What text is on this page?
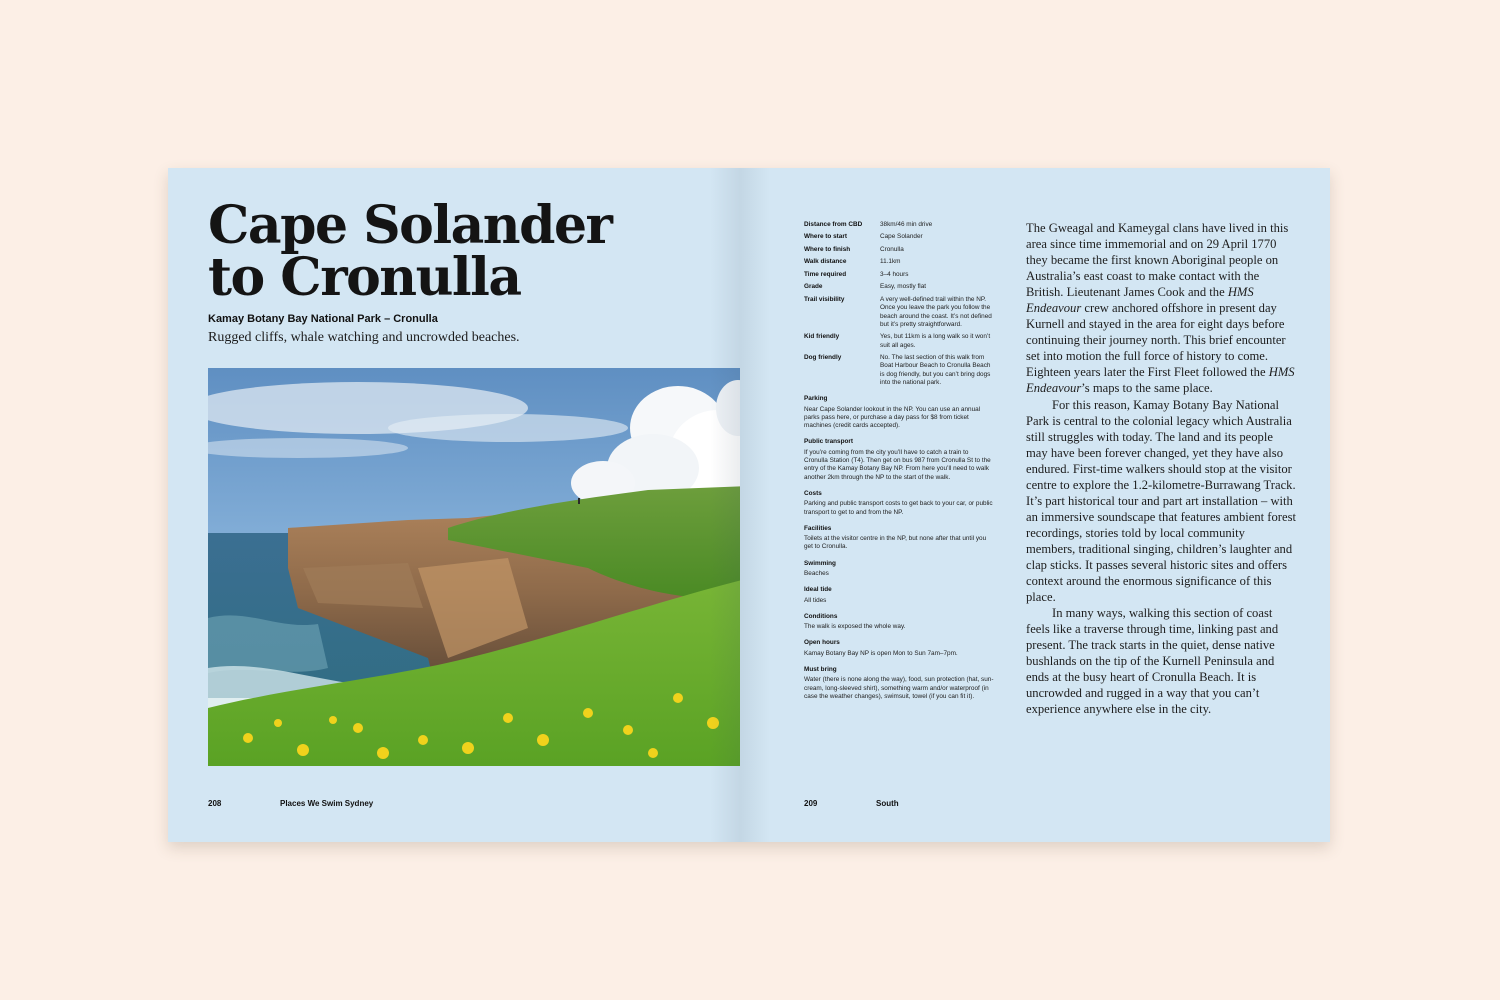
Cape Solander
to Cronulla

Kamay Botany Bay National Park – Cronulla

Rugged cliffs, whale watching and uncrowded beaches.

208	Places We Swim Sydney
Distance from CBD	38km/46 min drive
Where to start	Cape Solander
Where to finish	Cronulla
Walk distance	11.1km
Time required	3–4 hours
Grade	Easy, mostly flat
Trail visibility	A very well-defined trail within the NP. Once you leave the park you follow the beach around the coast. It’s not defined but it’s pretty straightforward.
Kid friendly	Yes, but 11km is a long walk so it won’t suit all ages.
Dog friendly	No. The last section of this walk from Boat Harbour Beach to Cronulla Beach is dog friendly, but you can’t bring dogs into the national park.
Parking

Near Cape Solander lookout in the NP. You can use an annual parks pass here, or purchase a day pass for $8 from ticket machines (credit cards accepted).

Public transport

If you’re coming from the city you’ll have to catch a train to Cronulla Station (T4). Then get on bus 987 from Cronulla St to the entry of the Kamay Botany Bay NP. From here you’ll need to walk another 2km through the NP to the start of the walk.

Costs

Parking and public transport costs to get back to your car, or public transport to get to and from the NP.

Facilities

Toilets at the visitor centre in the NP, but none after that until you get to Cronulla.

Swimming

Beaches

Ideal tide

All tides

Conditions

The walk is exposed the whole way.

Open hours

Kamay Botany Bay NP is open Mon to Sun 7am–7pm.

Must bring

Water (there is none along the way), food, sun protection (hat, sun-cream, long-sleeved shirt), something warm and/or waterproof (in case the weather changes), swimsuit, towel (if you can fit it).

The Gweagal and Kameygal clans have lived in this area since time immemorial and on 29 April 1770 they became the first known Aboriginal people on Australia’s east coast to make contact with the British. Lieutenant James Cook and the HMS Endeavour crew anchored offshore in present day Kurnell and stayed in the area for eight days before continuing their journey north. This brief encounter set into motion the full force of history to come. Eighteen years later the First Fleet followed the HMS Endeavour’s maps to the same place.

For this reason, Kamay Botany Bay National Park is central to the colonial legacy which Australia still struggles with today. The land and its people may have been forever changed, yet they have also endured. First-time walkers should stop at the visitor centre to explore the 1.2-kilometre-Burrawang Track. It’s part historical tour and part art installation – with an immersive soundscape that features ambient forest recordings, stories told by local community members, traditional singing, children’s laughter and clap sticks. It passes several historic sites and offers context around the enormous significance of this place.

In many ways, walking this section of coast feels like a traverse through time, linking past and present. The track starts in the quiet, dense native bushlands on the tip of the Kurnell Peninsula and ends at the busy heart of Cronulla Beach. It is uncrowded and rugged in a way that you can’t experience anywhere else in the city.

209	South
